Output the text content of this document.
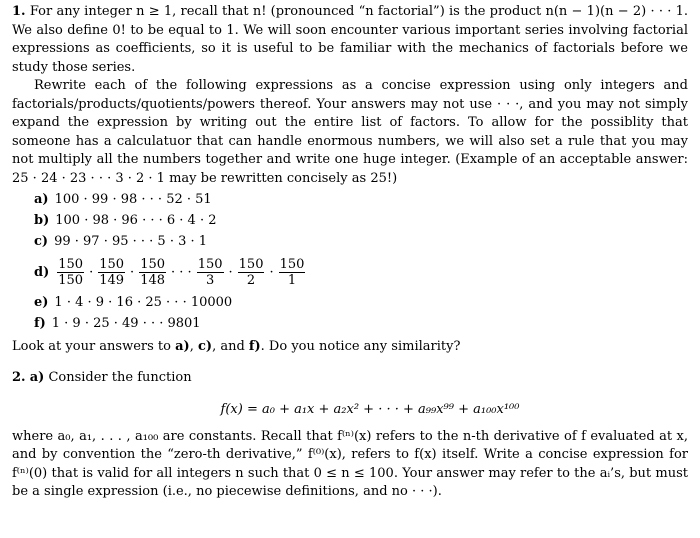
1. For any integer n ≥ 1, recall that n! (pronounced “n factorial”) is the product n(n − 1)(n − 2) · · · 1. We also define 0! to be equal to 1. We will soon encounter various important series involving factorial expressions as coefficients, so it is useful to be familiar with the mechanics of factorials before we study those series.

Rewrite each of the following expressions as a concise expression using only integers and factorials/products/quotients/powers thereof. Your answers may not use · · ·, and you may not simply expand the expression by writing out the entire list of factors. To allow for the possiblity that someone has a calculatuor that can handle enormous numbers, we will also set a rule that you may not multiply all the numbers together and write one huge integer. (Example of an acceptable answer: 25 · 24 · 23 · · · 3 · 2 · 1 may be rewritten concisely as 25!)

a) 100 · 99 · 98 · · · 52 · 51
b) 100 · 98 · 96 · · · 6 · 4 · 2
c) 99 · 97 · 95 · · · 5 · 3 · 1
$d) \frac{150}{150} \cdot \frac{150}{149} \cdot \frac{150}{148}$ · · · $\frac{150}{3} \cdot \frac{150}{2} \cdot \frac{150}{1}$
e) 1 · 4 · 9 · 16 · 25 · · · 10000
f) 1 · 9 · 25 · 49 · · · 9801

Look at your answers to a), c), and f). Do you notice any similarity?

2. a) Consider the function

f(x) = a₀ + a₁x + a₂x² + · · · + a₉₉x⁹⁹ + a₁₀₀x¹⁰⁰

where a₀, a₁, . . . , a₁₀₀ are constants. Recall that f⁽ⁿ⁾(x) refers to the n-th derivative of f evaluated at x, and by convention the “zero-th derivative,” f⁽⁰⁾(x), refers to f(x) itself. Write a concise expression for f⁽ⁿ⁾(0) that is valid for all integers n such that 0 ≤ n ≤ 100. Your answer may refer to the aᵢ’s, but must be a single expression (i.e., no piecewise definitions, and no · · ·).
